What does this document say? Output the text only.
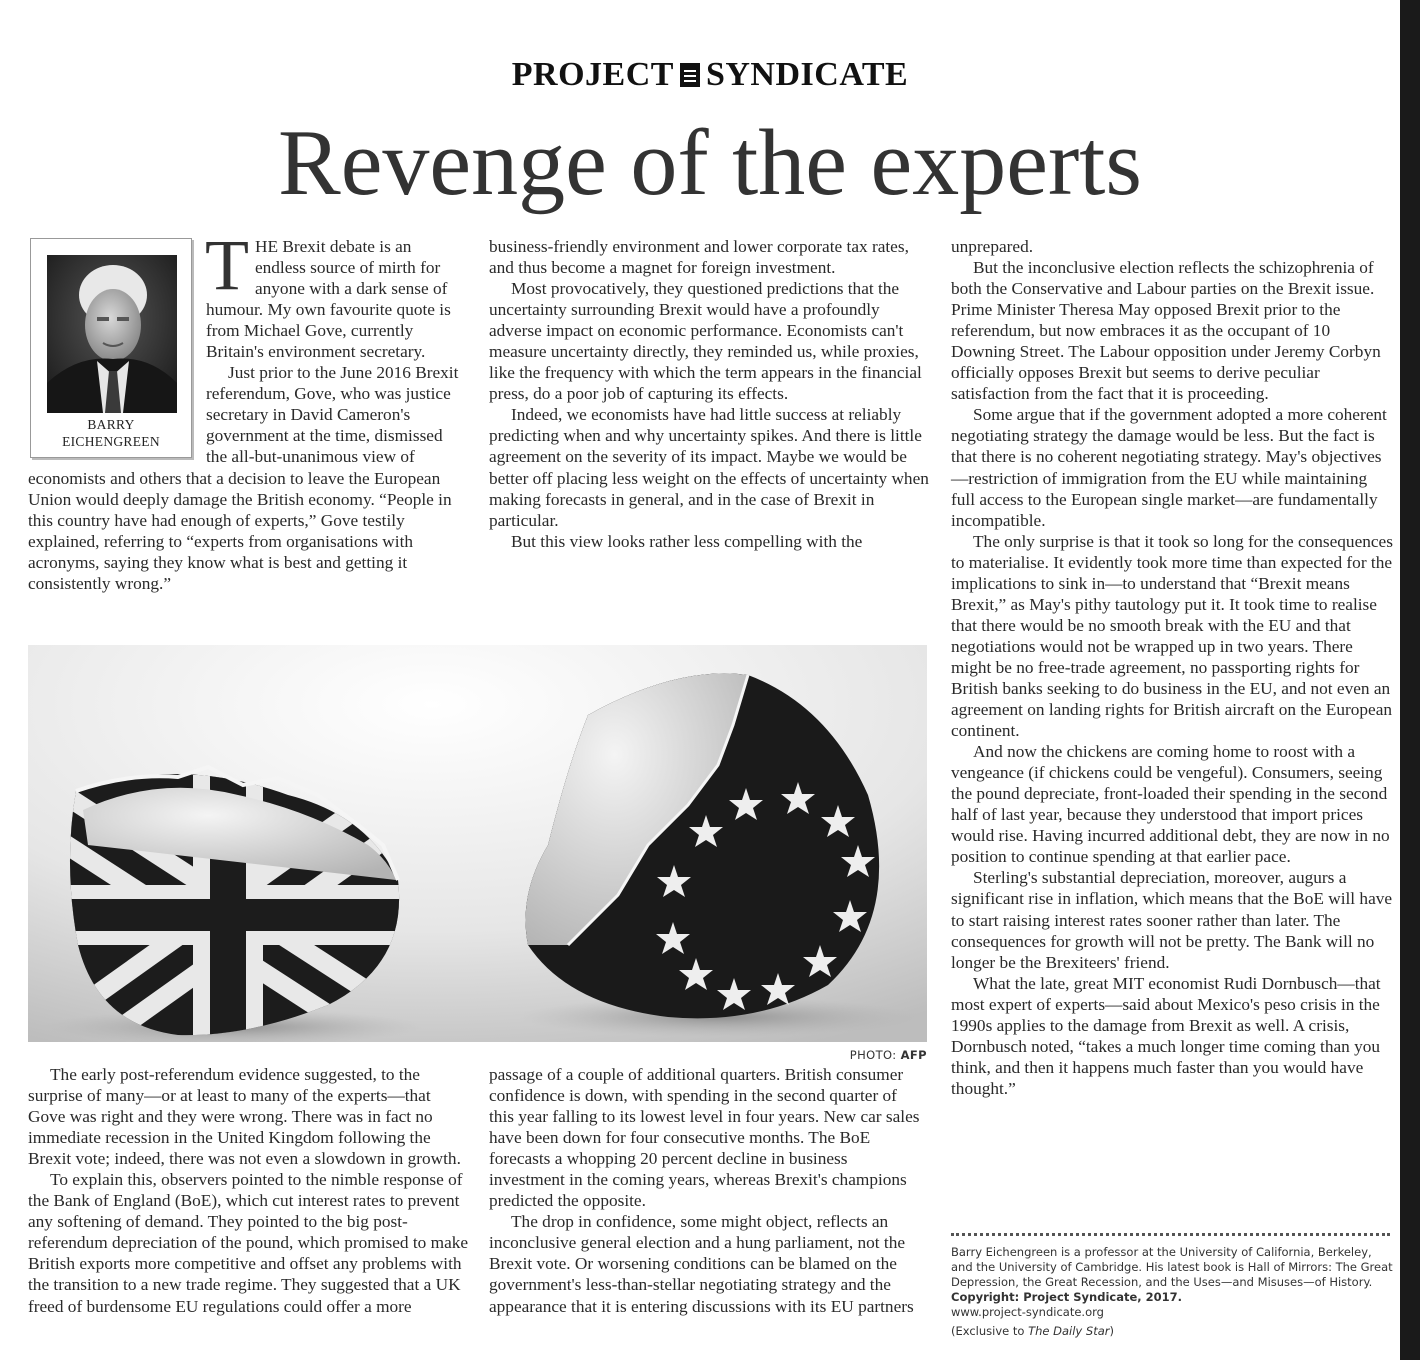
PROJECT SYNDICATE
Revenge of the experts

THE Brexit debate is an endless source of mirth for anyone with a dark sense of humour. My own favourite quote is from Michael Gove, currently Britain's environment secretary.

Just prior to the June 2016 Brexit referendum, Gove, who was justice secretary in David Cameron's government at the time, dismissed the all-but-unanimous view of economists and others that a decision to leave the European Union would deeply damage the British economy. “People in this country have had enough of experts,” Gove testily explained, referring to “experts from organisations with acronyms, saying they know what is best and getting it consistently wrong.”

BARRY
EICHENGREEN

business-friendly environment and lower corporate tax rates, and thus become a magnet for foreign investment.

Most provocatively, they questioned predictions that the uncertainty surrounding Brexit would have a profoundly adverse impact on economic performance. Economists can't measure uncertainty directly, they reminded us, while proxies, like the frequency with which the term appears in the financial press, do a poor job of capturing its effects.

Indeed, we economists have had little success at reliably predicting when and why uncertainty spikes. And there is little agreement on the severity of its impact. Maybe we would be better off placing less weight on the effects of uncertainty when making forecasts in general, and in the case of Brexit in particular.

But this view looks rather less compelling with the

PHOTO: AFP

The early post-referendum evidence suggested, to the surprise of many—or at least to many of the experts—that Gove was right and they were wrong. There was in fact no immediate recession in the United Kingdom following the Brexit vote; indeed, there was not even a slowdown in growth.

To explain this, observers pointed to the nimble response of the Bank of England (BoE), which cut interest rates to prevent any softening of demand. They pointed to the big post-referendum depreciation of the pound, which promised to make British exports more competitive and offset any problems with the transition to a new trade regime. They suggested that a UK freed of burdensome EU regulations could offer a more

passage of a couple of additional quarters. British consumer confidence is down, with spending in the second quarter of this year falling to its lowest level in four years. New car sales have been down for four consecutive months. The BoE forecasts a whopping 20 percent decline in business investment in the coming years, whereas Brexit's champions predicted the opposite.

The drop in confidence, some might object, reflects an inconclusive general election and a hung parliament, not the Brexit vote. Or worsening conditions can be blamed on the government's less-than-stellar negotiating strategy and the appearance that it is entering discussions with its EU partners

unprepared.

But the inconclusive election reflects the schizophrenia of both the Conservative and Labour parties on the Brexit issue. Prime Minister Theresa May opposed Brexit prior to the referendum, but now embraces it as the occupant of 10 Downing Street. The Labour opposition under Jeremy Corbyn officially opposes Brexit but seems to derive peculiar satisfaction from the fact that it is proceeding.

Some argue that if the government adopted a more coherent negotiating strategy the damage would be less. But the fact is that there is no coherent negotiating strategy. May's objectives—restriction of immigration from the EU while maintaining full access to the European single market—are fundamentally incompatible.

The only surprise is that it took so long for the consequences to materialise. It evidently took more time than expected for the implications to sink in—to understand that “Brexit means Brexit,” as May's pithy tautology put it. It took time to realise that there would be no smooth break with the EU and that negotiations would not be wrapped up in two years. There might be no free-trade agreement, no passporting rights for British banks seeking to do business in the EU, and not even an agreement on landing rights for British aircraft on the European continent.

And now the chickens are coming home to roost with a vengeance (if chickens could be vengeful). Consumers, seeing the pound depreciate, front-loaded their spending in the second half of last year, because they understood that import prices would rise. Having incurred additional debt, they are now in no position to continue spending at that earlier pace.

Sterling's substantial depreciation, moreover, augurs a significant rise in inflation, which means that the BoE will have to start raising interest rates sooner rather than later. The consequences for growth will not be pretty. The Bank will no longer be the Brexiteers' friend.

What the late, great MIT economist Rudi Dornbusch—that most expert of experts—said about Mexico's peso crisis in the 1990s applies to the damage from Brexit as well. A crisis, Dornbusch noted, “takes a much longer time coming than you think, and then it happens much faster than you would have thought.”

Barry Eichengreen is a professor at the University of California, Berkeley, and the University of Cambridge. His latest book is Hall of Mirrors: The Great Depression, the Great Recession, and the Uses—and Misuses—of History.

Copyright: Project Syndicate, 2017.

www.project-syndicate.org

(Exclusive to The Daily Star)
